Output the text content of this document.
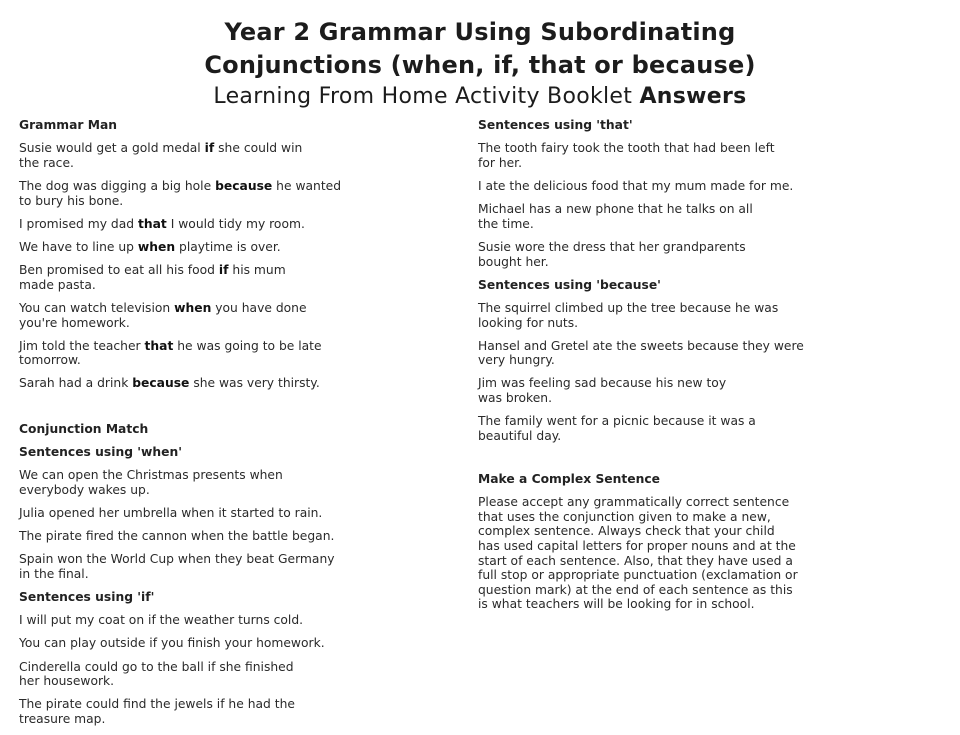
Year 2 Grammar Using Subordinating
Conjunctions (when, if, that or because)
Learning From Home Activity Booklet Answers
Grammar Man
Susie would get a gold medal if she could win
the race.
The dog was digging a big hole because he wanted
to bury his bone.
I promised my dad that I would tidy my room.
We have to line up when playtime is over.
Ben promised to eat all his food if his mum
made pasta.
You can watch television when you have done
you're homework.
Jim told the teacher that he was going to be late
tomorrow.
Sarah had a drink because she was very thirsty.
Conjunction Match
Sentences using 'when'
We can open the Christmas presents when
everybody wakes up.
Julia opened her umbrella when it started to rain.
The pirate fired the cannon when the battle began.
Spain won the World Cup when they beat Germany
in the final.
Sentences using 'if'
I will put my coat on if the weather turns cold.
You can play outside if you finish your homework.
Cinderella could go to the ball if she finished
her housework.
The pirate could find the jewels if he had the
treasure map.
Sentences using 'that'
The tooth fairy took the tooth that had been left
for her.
I ate the delicious food that my mum made for me.
Michael has a new phone that he talks on all
the time.
Susie wore the dress that her grandparents
bought her.
Sentences using 'because'
The squirrel climbed up the tree because he was
looking for nuts.
Hansel and Gretel ate the sweets because they were
very hungry.
Jim was feeling sad because his new toy
was broken.
The family went for a picnic because it was a
beautiful day.
Make a Complex Sentence
Please accept any grammatically correct sentence
that uses the conjunction given to make a new,
complex sentence. Always check that your child
has used capital letters for proper nouns and at the
start of each sentence. Also, that they have used a
full stop or appropriate punctuation (exclamation or
question mark) at the end of each sentence as this
is what teachers will be looking for in school.
